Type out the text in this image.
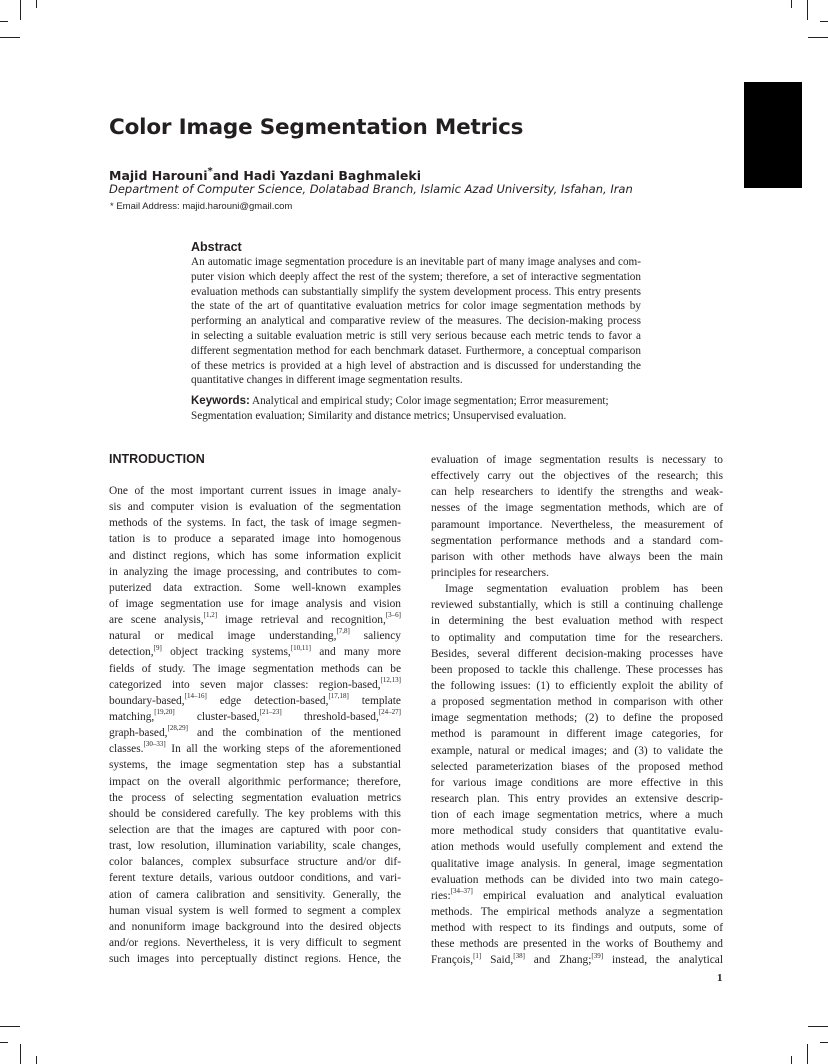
Color Image Segmentation Metrics
Majid Harouni*and Hadi Yazdani Baghmaleki
Department of Computer Science, Dolatabad Branch, Islamic Azad University, Isfahan, Iran
* Email Address: majid.harouni@gmail.com
Abstract
An automatic image segmentation procedure is an inevitable part of many image analyses and com-
puter vision which deeply affect the rest of the system; therefore, a set of interactive segmentation
evaluation methods can substantially simplify the system development process. This entry presents
the state of the art of quantitative evaluation metrics for color image segmentation methods by
performing an analytical and comparative review of the measures. The decision-making process
in selecting a suitable evaluation metric is still very serious because each metric tends to favor a
different segmentation method for each benchmark dataset. Furthermore, a conceptual comparison
of these metrics is provided at a high level of abstraction and is discussed for understanding the
quantitative changes in different image segmentation results.
Keywords: Analytical and empirical study; Color image segmentation; Error measurement;
Segmentation evaluation; Similarity and distance metrics; Unsupervised evaluation.
INTRODUCTION
One of the most important current issues in image analy-
sis and computer vision is evaluation of the segmentation
methods of the systems. In fact, the task of image segmen-
tation is to produce a separated image into homogenous
and distinct regions, which has some information explicit
in analyzing the image processing, and contributes to com-
puterized data extraction. Some well-known examples
of image segmentation use for image analysis and vision
are scene analysis,[1,2] image retrieval and recognition,[3–6]
natural or medical image understanding,[7,8] saliency
detection,[9] object tracking systems,[10,11] and many more
fields of study. The image segmentation methods can be
categorized into seven major classes: region-based,[12,13]
boundary-based,[14–16] edge detection-based,[17,18] template
matching,[19,20] cluster-based,[21–23] threshold-based,[24–27]
graph-based,[28,29] and the combination of the mentioned
classes.[30–33] In all the working steps of the aforementioned
systems, the image segmentation step has a substantial
impact on the overall algorithmic performance; therefore,
the process of selecting segmentation evaluation metrics
should be considered carefully. The key problems with this
selection are that the images are captured with poor con-
trast, low resolution, illumination variability, scale changes,
color balances, complex subsurface structure and/or dif-
ferent texture details, various outdoor conditions, and vari-
ation of camera calibration and sensitivity. Generally, the
human visual system is well formed to segment a complex
and nonuniform image background into the desired objects
and/or regions. Nevertheless, it is very difficult to segment
such images into perceptually distinct regions. Hence, the
evaluation of image segmentation results is necessary to
effectively carry out the objectives of the research; this
can help researchers to identify the strengths and weak-
nesses of the image segmentation methods, which are of
paramount importance. Nevertheless, the measurement of
segmentation performance methods and a standard com-
parison with other methods have always been the main
principles for researchers.
Image segmentation evaluation problem has been
reviewed substantially, which is still a continuing challenge
in determining the best evaluation method with respect
to optimality and computation time for the researchers.
Besides, several different decision-making processes have
been proposed to tackle this challenge. These processes has
the following issues: (1) to efficiently exploit the ability of
a proposed segmentation method in comparison with other
image segmentation methods; (2) to define the proposed
method is paramount in different image categories, for
example, natural or medical images; and (3) to validate the
selected parameterization biases of the proposed method
for various image conditions are more effective in this
research plan. This entry provides an extensive descrip-
tion of each image segmentation metrics, where a much
more methodical study considers that quantitative evalu-
ation methods would usefully complement and extend the
qualitative image analysis. In general, image segmentation
evaluation methods can be divided into two main catego-
ries:[34–37] empirical evaluation and analytical evaluation
methods. The empirical methods analyze a segmentation
method with respect to its findings and outputs, some of
these methods are presented in the works of Bouthemy and
François,[1] Said,[38] and Zhang;[39] instead, the analytical
1
